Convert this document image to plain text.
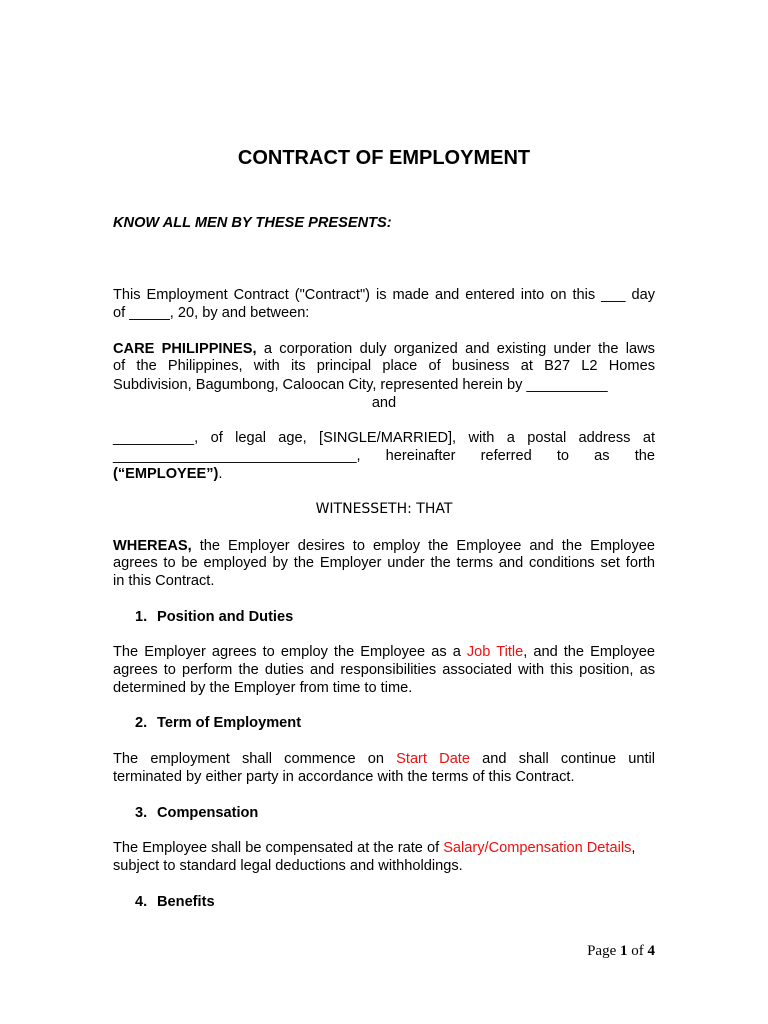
CONTRACT OF EMPLOYMENT
KNOW ALL MEN BY THESE PRESENTS:
This Employment Contract ("Contract") is made and entered into on this ___ day
of _____, 20, by and between:
CARE PHILIPPINES, a corporation duly organized and existing under the laws
of the Philippines, with its principal place of business at B27 L2 Homes
Subdivision, Bagumbong, Caloocan City, represented herein by __________
and
__________, of legal age, [SINGLE/MARRIED], with a postal address at
______________________________, hereinafter referred to as the
(“EMPLOYEE”).
WITNESSETH: THAT
WHEREAS, the Employer desires to employ the Employee and the Employee
agrees to be employed by the Employer under the terms and conditions set forth
in this Contract.
1. Position and Duties
The Employer agrees to employ the Employee as a Job Title, and the Employee
agrees to perform the duties and responsibilities associated with this position, as
determined by the Employer from time to time.
2. Term of Employment
The employment shall commence on Start Date and shall continue until
terminated by either party in accordance with the terms of this Contract.
3. Compensation
The Employee shall be compensated at the rate of Salary/Compensation Details,
subject to standard legal deductions and withholdings.
4. Benefits
Page 1 of 4
